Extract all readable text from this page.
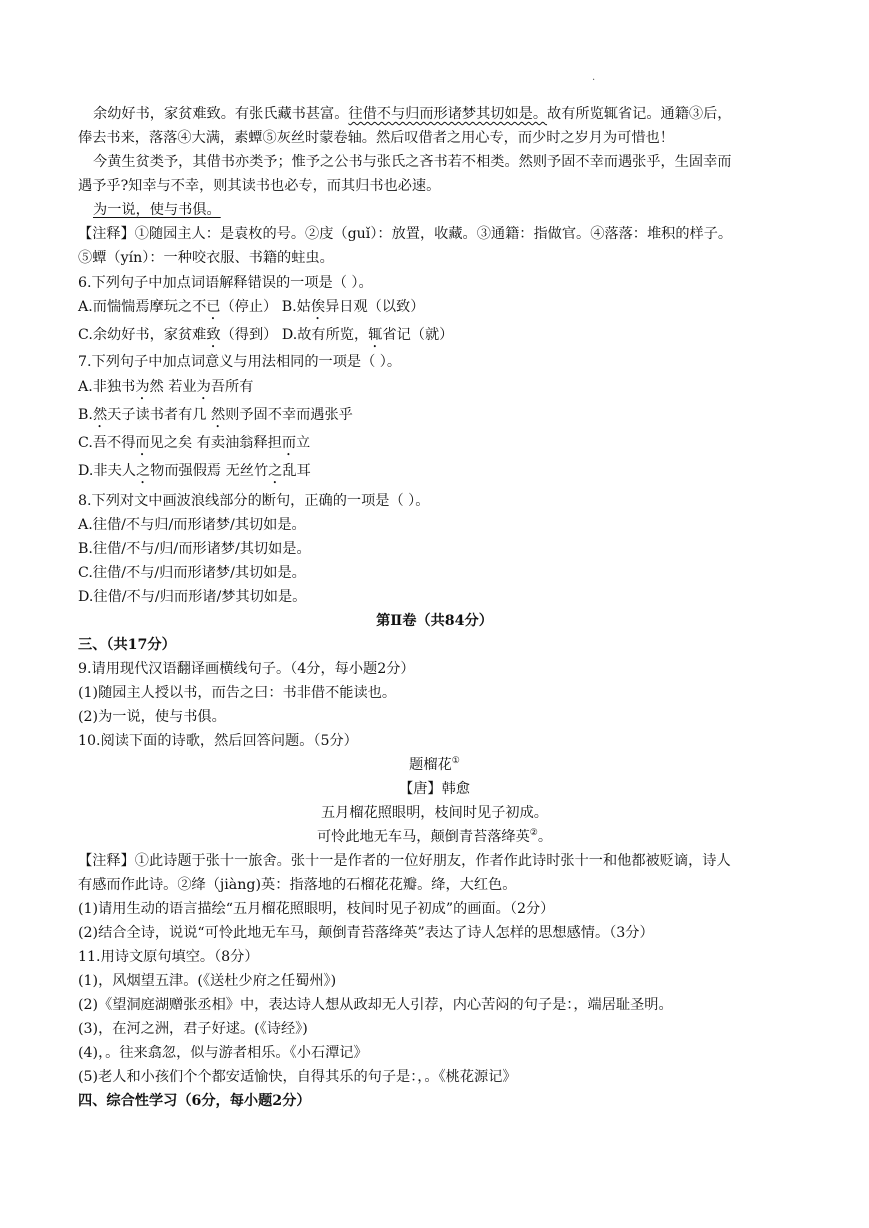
.
余幼好书，家贫难致。有张氏藏书甚富。往借不与归而形诸梦其切如是。故有所览辄省记。通籍③后，
俸去书来，落落④大满，素蟫⑤灰丝时蒙卷轴。然后叹借者之用心专，而少时之岁月为可惜也！
今黄生贫类予，其借书亦类予；惟予之公书与张氏之吝书若不相类。然则予固不幸而遇张乎，生固幸而
遇予乎?知幸与不幸，则其读书也必专，而其归书也必速。
为一说，使与书俱。
【注释】①随园主人：是袁枚的号。②庋（guǐ）：放置，收藏。③通籍：指做官。④落落：堆积的样子。
⑤蟫（yín）：一种咬衣服、书籍的蛀虫。
6.下列句子中加点词语解释错误的一项是（ ）。
A.而惴惴焉摩玩之不已（停止） B.姑俟异日观（以致）
C.余幼好书，家贫难致（得到） D.故有所览，辄省记（就）
7.下列句子中加点词意义与用法相同的一项是（ ）。
A.非独书为然 若业为吾所有
B.然天子读书者有几 然则予固不幸而遇张乎
C.吾不得而见之矣 有卖油翁释担而立
D.非夫人之物而强假焉 无丝竹之乱耳
8.下列对文中画波浪线部分的断句，正确的一项是（ ）。
A.往借/不与归/而形诸梦/其切如是。
B.往借/不与/归/而形诸梦/其切如是。
C.往借/不与/归而形诸梦/其切如是。
D.往借/不与/归而形诸/梦其切如是。
第Ⅱ卷（共84分）
三、（共17分）
9.请用现代汉语翻译画横线句子。（4分，每小题2分）
(1)随园主人授以书，而告之曰：书非借不能读也。
(2)为一说，使与书俱。
10.阅读下面的诗歌，然后回答问题。（5分）
题榴花①
【唐】韩愈
五月榴花照眼明，枝间时见子初成。
可怜此地无车马，颠倒青苔落绛英②。
【注释】①此诗题于张十一旅舍。张十一是作者的一位好朋友，作者作此诗时张十一和他都被贬谪，诗人
有感而作此诗。②绛（jiàng)英：指落地的石榴花花瓣。绛，大红色。
(1)请用生动的语言描绘“五月榴花照眼明，枝间时见子初成”的画面。（2分）
(2)结合全诗，说说“可怜此地无车马，颠倒青苔落绛英”表达了诗人怎样的思想感情。（3分）
11.用诗文原句填空。（8分）
(1)，风烟望五津。(《送杜少府之任蜀州》)
(2)《望洞庭湖赠张丞相》中，表达诗人想从政却无人引荐，内心苦闷的句子是：，端居耻圣明。
(3)，在河之洲，君子好逑。(《诗经》)
(4)，。往来翕忽，似与游者相乐。《小石潭记》
(5)老人和小孩们个个都安适愉快，自得其乐的句子是：，。《桃花源记》
四、综合性学习（6分，每小题2分）
